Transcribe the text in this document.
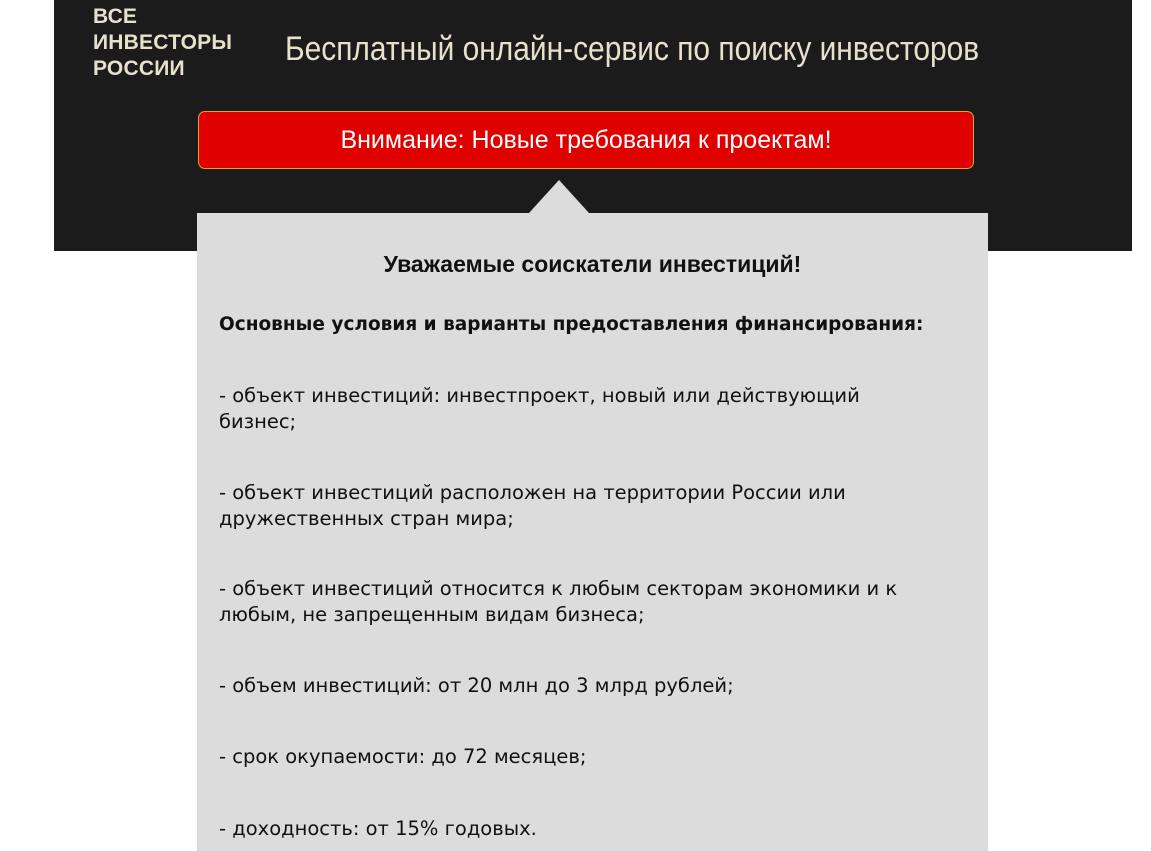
ВСЕ
ИНВЕСТОРЫ
РОССИИ
Бесплатный онлайн-сервис по поиску инвесторов
Внимание: Новые требования к проектам!
Уважаемые соискатели инвестиций!
Основные условия и варианты предоставления финансирования:
- объект инвестиций: инвестпроект, новый или действующий бизнес;
- объект инвестиций расположен на территории России или дружественных стран мира;
- объект инвестиций относится к любым секторам экономики и к любым, не запрещенным видам бизнеса;
- объем инвестиций: от 20 млн до 3 млрд рублей;
- срок окупаемости: до 72 месяцев;
- доходность: от 15% годовых.
